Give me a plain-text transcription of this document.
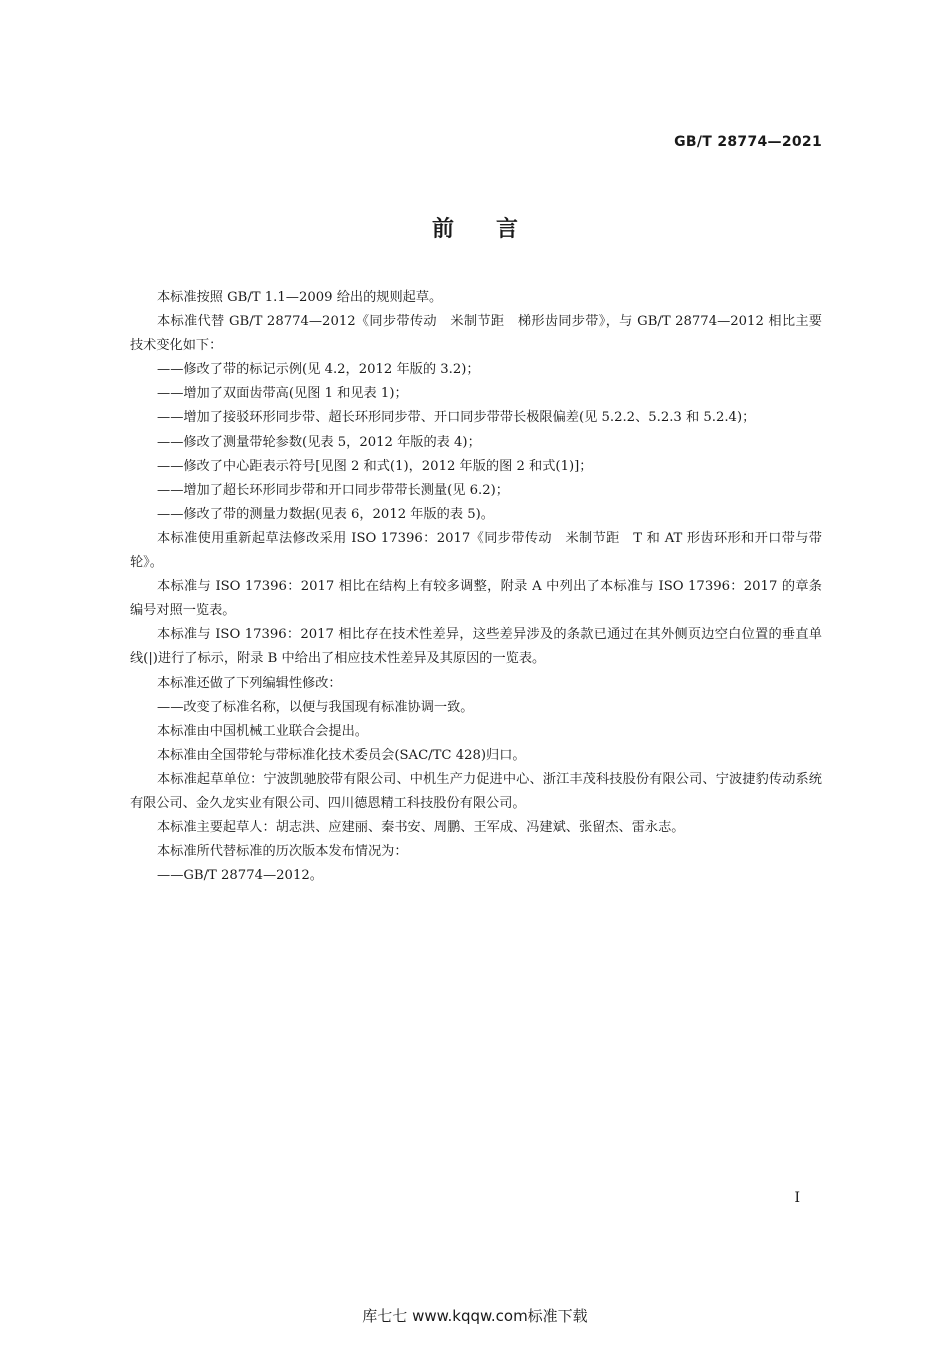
GB/T 28774—2021
前言

本标准按照 GB/T 1.1—2009 给出的规则起草。

本标准代替 GB/T 28774—2012《同步带传动　米制节距　梯形齿同步带》，与 GB/T 28774—2012 相比主要技术变化如下：

——修改了带的标记示例(见 4.2，2012 年版的 3.2)；

——增加了双面齿带高(见图 1 和见表 1)；

——增加了接驳环形同步带、超长环形同步带、开口同步带带长极限偏差(见 5.2.2、5.2.3 和 5.2.4)；

——修改了测量带轮参数(见表 5，2012 年版的表 4)；

——修改了中心距表示符号[见图 2 和式(1)，2012 年版的图 2 和式(1)]；

——增加了超长环形同步带和开口同步带带长测量(见 6.2)；

——修改了带的测量力数据(见表 6，2012 年版的表 5)。

本标准使用重新起草法修改采用 ISO 17396：2017《同步带传动　米制节距　T 和 AT 形齿环形和开口带与带轮》。

本标准与 ISO 17396：2017 相比在结构上有较多调整，附录 A 中列出了本标准与 ISO 17396：2017 的章条编号对照一览表。

本标准与 ISO 17396：2017 相比存在技术性差异，这些差异涉及的条款已通过在其外侧页边空白位置的垂直单线(|)进行了标示，附录 B 中给出了相应技术性差异及其原因的一览表。

本标准还做了下列编辑性修改：

——改变了标准名称，以便与我国现有标准协调一致。

本标准由中国机械工业联合会提出。

本标准由全国带轮与带标准化技术委员会(SAC/TC 428)归口。

本标准起草单位：宁波凯驰胶带有限公司、中机生产力促进中心、浙江丰茂科技股份有限公司、宁波捷豹传动系统有限公司、金久龙实业有限公司、四川德恩精工科技股份有限公司。

本标准主要起草人：胡志洪、应建丽、秦书安、周鹏、王军成、冯建斌、张留杰、雷永志。

本标准所代替标准的历次版本发布情况为：

——GB/T 28774—2012。

I
库七七 www.kqqw.com标准下载
